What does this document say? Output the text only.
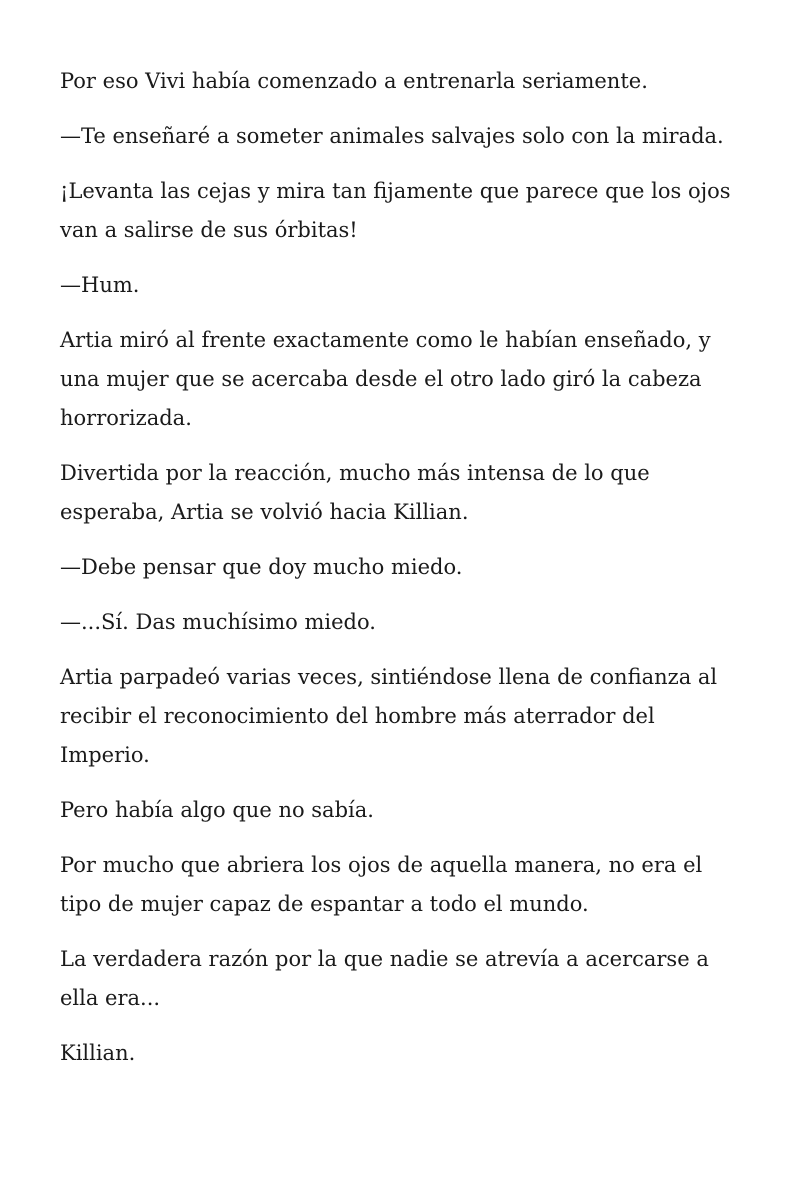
Por eso Vivi había comenzado a entrenarla seriamente.

—Te enseñaré a someter animales salvajes solo con la mirada.

¡Levanta las cejas y mira tan fijamente que parece que los ojos van a salirse de sus órbitas!

—Hum.

Artia miró al frente exactamente como le habían enseñado, y una mujer que se acercaba desde el otro lado giró la cabeza horrorizada.

Divertida por la reacción, mucho más intensa de lo que esperaba, Artia se volvió hacia Killian.

—Debe pensar que doy mucho miedo.

—...Sí. Das muchísimo miedo.

Artia parpadeó varias veces, sintiéndose llena de confianza al recibir el reconocimiento del hombre más aterrador del Imperio.

Pero había algo que no sabía.

Por mucho que abriera los ojos de aquella manera, no era el tipo de mujer capaz de espantar a todo el mundo.

La verdadera razón por la que nadie se atrevía a acercarse a ella era...

Killian.
